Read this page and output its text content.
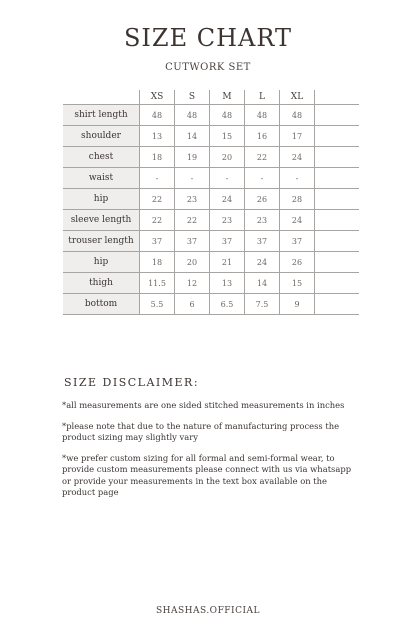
SIZE CHART
CUTWORK SET
	XS	S	M	L	XL	
shirt length	48	48	48	48	48	
shoulder	13	14	15	16	17	
chest	18	19	20	22	24	
waist	-	-	-	-	-	
hip	22	23	24	26	28	
sleeve length	22	22	23	23	24	
trouser length	37	37	37	37	37	
hip	18	20	21	24	26	
thigh	11.5	12	13	14	15	
bottom	5.5	6	6.5	7.5	9	
SIZE DISCLAIMER:

*all measurements are one sided stitched measurements in inches

*please note that due to the nature of manufacturing process the product sizing may slightly vary

*we prefer custom sizing for all formal and semi-formal wear, to provide custom measurements please connect with us via whatsapp or provide your measurements in the text box available on the product page

SHASHAS.OFFICIAL
